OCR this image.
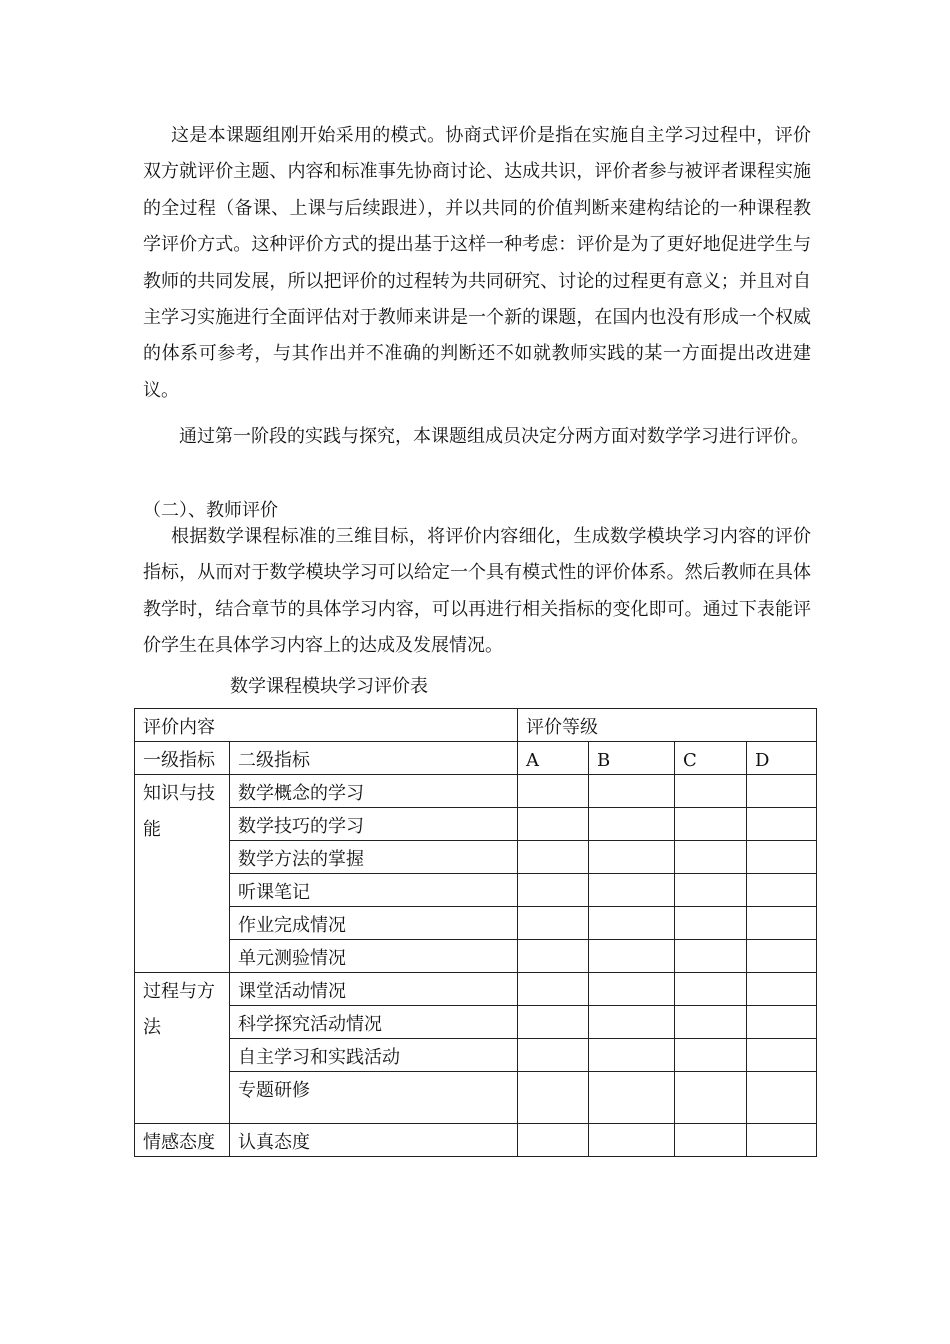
这是本课题组刚开始采用的模式。协商式评价是指在实施自主学习过程中，评价双方就评价主题、内容和标准事先协商讨论、达成共识，评价者参与被评者课程实施的全过程（备课、上课与后续跟进），并以共同的价值判断来建构结论的一种课程教学评价方式。这种评价方式的提出基于这样一种考虑：评价是为了更好地促进学生与教师的共同发展，所以把评价的过程转为共同研究、讨论的过程更有意义；并且对自主学习实施进行全面评估对于教师来讲是一个新的课题，在国内也没有形成一个权威的体系可参考，与其作出并不准确的判断还不如就教师实践的某一方面提出改进建议。

通过第一阶段的实践与探究，本课题组成员决定分两方面对数学学习进行评价。

（二）、教师评价

根据数学课程标准的三维目标，将评价内容细化，生成数学模块学习内容的评价指标，从而对于数学模块学习可以给定一个具有模式性的评价体系。然后教师在具体教学时，结合章节的具体学习内容，可以再进行相关指标的变化即可。通过下表能评价学生在具体学习内容上的达成及发展情况。

数学课程模块学习评价表

评价内容		评价等级			
一级指标	二级指标	A	B	C	D
知识与技能	数学概念的学习				
	数学技巧的学习				
	数学方法的掌握				
	听课笔记				
	作业完成情况				
	单元测验情况				
过程与方法	课堂活动情况				
	科学探究活动情况				
	自主学习和实践活动				
	专题研修				
情感态度	认真态度				
